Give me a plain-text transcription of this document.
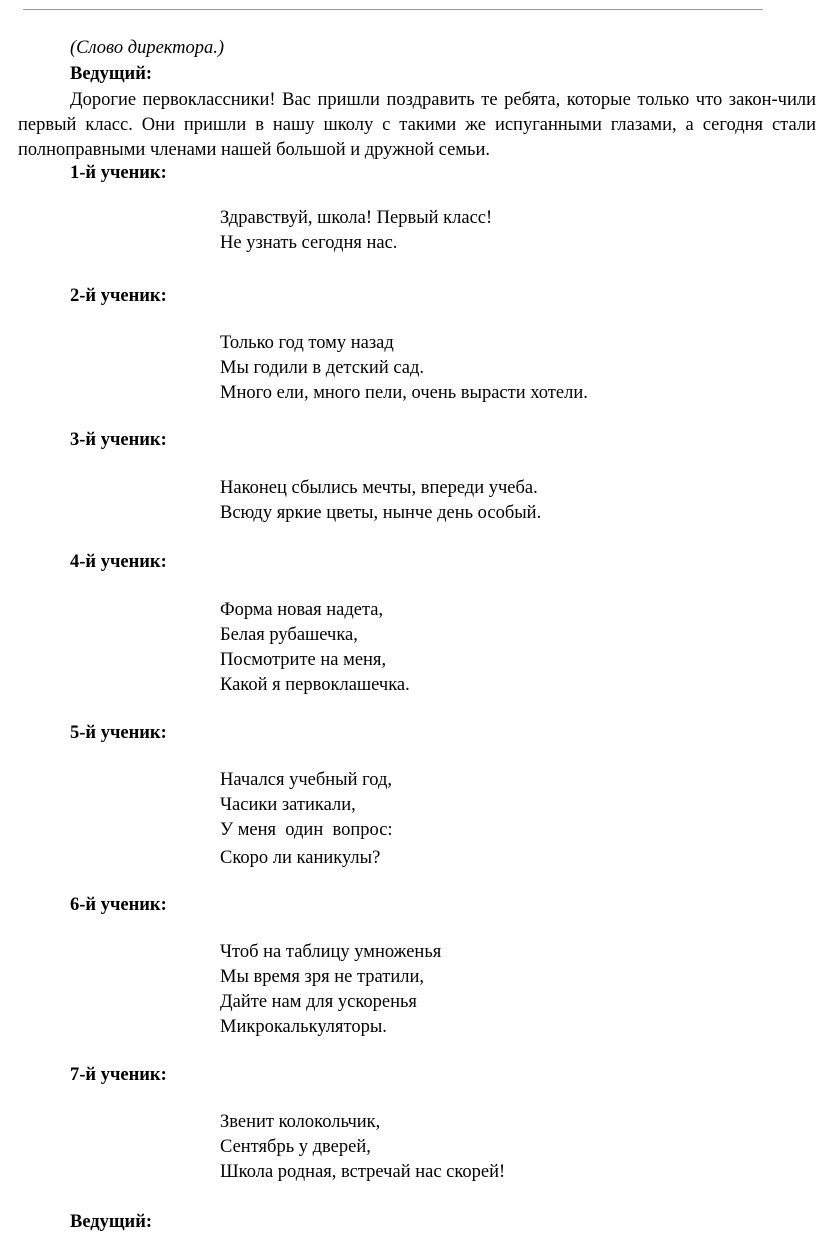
(Слово директора.)
Ведущий:
Дорогие первоклассники! Вас пришли поздравить те ребята, которые только что закон-чили первый класс. Они пришли в нашу школу с такими же испуганными глазами, а сегодня стали полноправными членами нашей большой и дружной семьи.
1-й ученик:
Здравствуй, школа! Первый класс!
Не узнать сегодня нас.
2-й ученик:
Только год тому назад
Мы годили в детский сад.
Много ели, много пели, очень вырасти хотели.
3-й ученик:
Наконец сбылись мечты, впереди учеба.
Всюду яркие цветы, нынче день особый.
4-й ученик:
Форма новая надета,
Белая рубашечка,
Посмотрите на меня,
Какой я первоклашечка.
5-й ученик:
Начался учебный год,
Часики затикали,
У меня  один  вопрос:
Скоро ли каникулы?
6-й ученик:
Чтоб на таблицу умноженья
Мы время зря не тратили,
Дайте нам для ускоренья
Микрокалькуляторы.
7-й ученик:
Звенит колокольчик,
Сентябрь у дверей,
Школа родная, встречай нас скорей!
Ведущий:
